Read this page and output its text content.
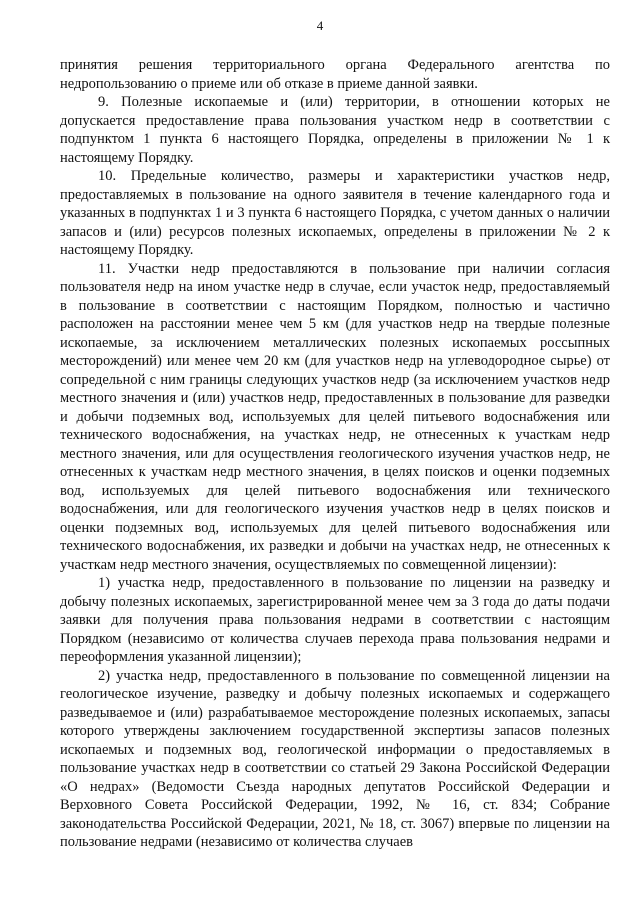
4

принятия решения территориального органа Федерального агентства по недропользованию о приеме или об отказе в приеме данной заявки.

9. Полезные ископаемые и (или) территории, в отношении которых не допускается предоставление права пользования участком недр в соответствии с подпунктом 1 пункта 6 настоящего Порядка, определены в приложении № 1 к настоящему Порядку.

10. Предельные количество, размеры и характеристики участков недр, предоставляемых в пользование на одного заявителя в течение календарного года и указанных в подпунктах 1 и 3 пункта 6 настоящего Порядка, с учетом данных о наличии запасов и (или) ресурсов полезных ископаемых, определены в приложении № 2 к настоящему Порядку.

11. Участки недр предоставляются в пользование при наличии согласия пользователя недр на ином участке недр в случае, если участок недр, предоставляемый в пользование в соответствии с настоящим Порядком, полностью и частично расположен на расстоянии менее чем 5 км (для участков недр на твердые полезные ископаемые, за исключением металлических полезных ископаемых россыпных месторождений) или менее чем 20 км (для участков недр на углеводородное сырье) от сопредельной с ним границы следующих участков недр (за исключением участков недр местного значения и (или) участков недр, предоставленных в пользование для разведки и добычи подземных вод, используемых для целей питьевого водоснабжения или технического водоснабжения, на участках недр, не отнесенных к участкам недр местного значения, или для осуществления геологического изучения участков недр, не отнесенных к участкам недр местного значения, в целях поисков и оценки подземных вод, используемых для целей питьевого водоснабжения или технического водоснабжения, или для геологического изучения участков недр в целях поисков и оценки подземных вод, используемых для целей питьевого водоснабжения или технического водоснабжения, их разведки и добычи на участках недр, не отнесенных к участкам недр местного значения, осуществляемых по совмещенной лицензии):

1) участка недр, предоставленного в пользование по лицензии на разведку и добычу полезных ископаемых, зарегистрированной менее чем за 3 года до даты подачи заявки для получения права пользования недрами в соответствии с настоящим Порядком (независимо от количества случаев перехода права пользования недрами и переоформления указанной лицензии);

2) участка недр, предоставленного в пользование по совмещенной лицензии на геологическое изучение, разведку и добычу полезных ископаемых и содержащего разведываемое и (или) разрабатываемое месторождение полезных ископаемых, запасы которого утверждены заключением государственной экспертизы запасов полезных ископаемых и подземных вод, геологической информации о предоставляемых в пользование участках недр в соответствии со статьей 29 Закона Российской Федерации «О недрах» (Ведомости Съезда народных депутатов Российской Федерации и Верховного Совета Российской Федерации, 1992, № 16, ст. 834; Собрание законодательства Российской Федерации, 2021, № 18, ст. 3067) впервые по лицензии на пользование недрами (независимо от количества случаев
